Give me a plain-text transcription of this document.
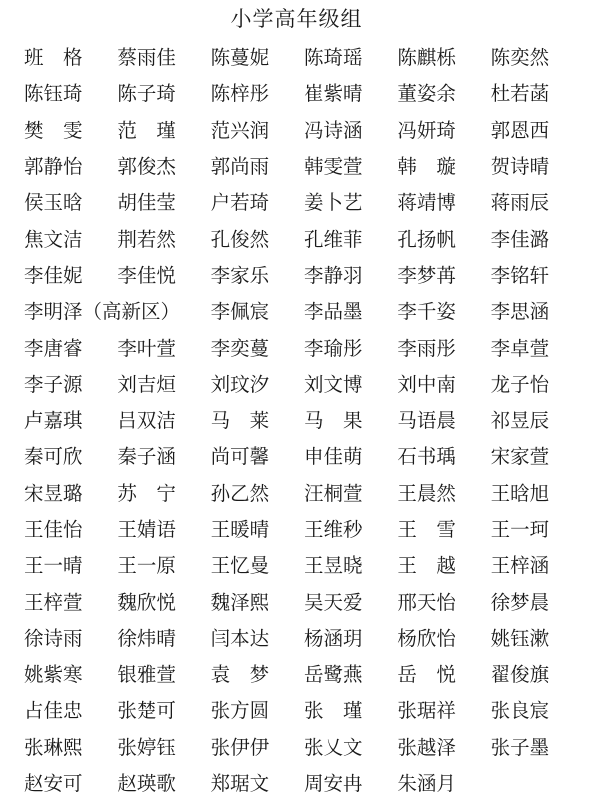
小学高年级组
班　格	蔡雨佳	陈蔓妮	陈琦瑶	陈麒栎	陈奕然
陈钰琦	陈子琦	陈梓彤	崔紫晴	董姿余	杜若菡
樊　雯	范　瑾	范兴润	冯诗涵	冯妍琦	郭恩西
郭静怡	郭俊杰	郭尚雨	韩雯萱	韩　璇	贺诗晴
侯玉晗	胡佳莹	户若琦	姜卜艺	蒋靖博	蒋雨辰
焦文洁	荆若然	孔俊然	孔维菲	孔扬帆	李佳潞
李佳妮	李佳悦	李家乐	李静羽	李梦苒	李铭轩
李明泽（高新区）	李佩宸	李品墨	李千姿	李思涵
李唐睿	李叶萱	李奕蔓	李瑜彤	李雨彤	李卓萱
李子源	刘吉烜	刘玟汐	刘文博	刘中南	龙子怡
卢嘉琪	吕双洁	马　莱	马　果	马语晨	祁昱辰
秦可欣	秦子涵	尚可馨	申佳萌	石书瑀	宋家萱
宋昱璐	苏　宁	孙乙然	汪桐萱	王晨然	王晗旭
王佳怡	王婧语	王暖晴	王维秒	王　雪	王一珂
王一晴	王一原	王忆曼	王昱晓	王　越	王梓涵
王梓萱	魏欣悦	魏泽熙	吴天爱	邢天怡	徐梦晨
徐诗雨	徐炜晴	闫本达	杨涵玥	杨欣怡	姚钰漱
姚紫寒	银雅萱	袁　梦	岳鹭燕	岳　悦	翟俊旗
占佳忠	张楚可	张方圆	张　瑾	张琚祥	张良宸
张琳熙	张婷钰	张伊伊	张乂文	张越泽	张子墨
赵安可	赵瑛歌	郑琚文	周安冉	朱涵月
